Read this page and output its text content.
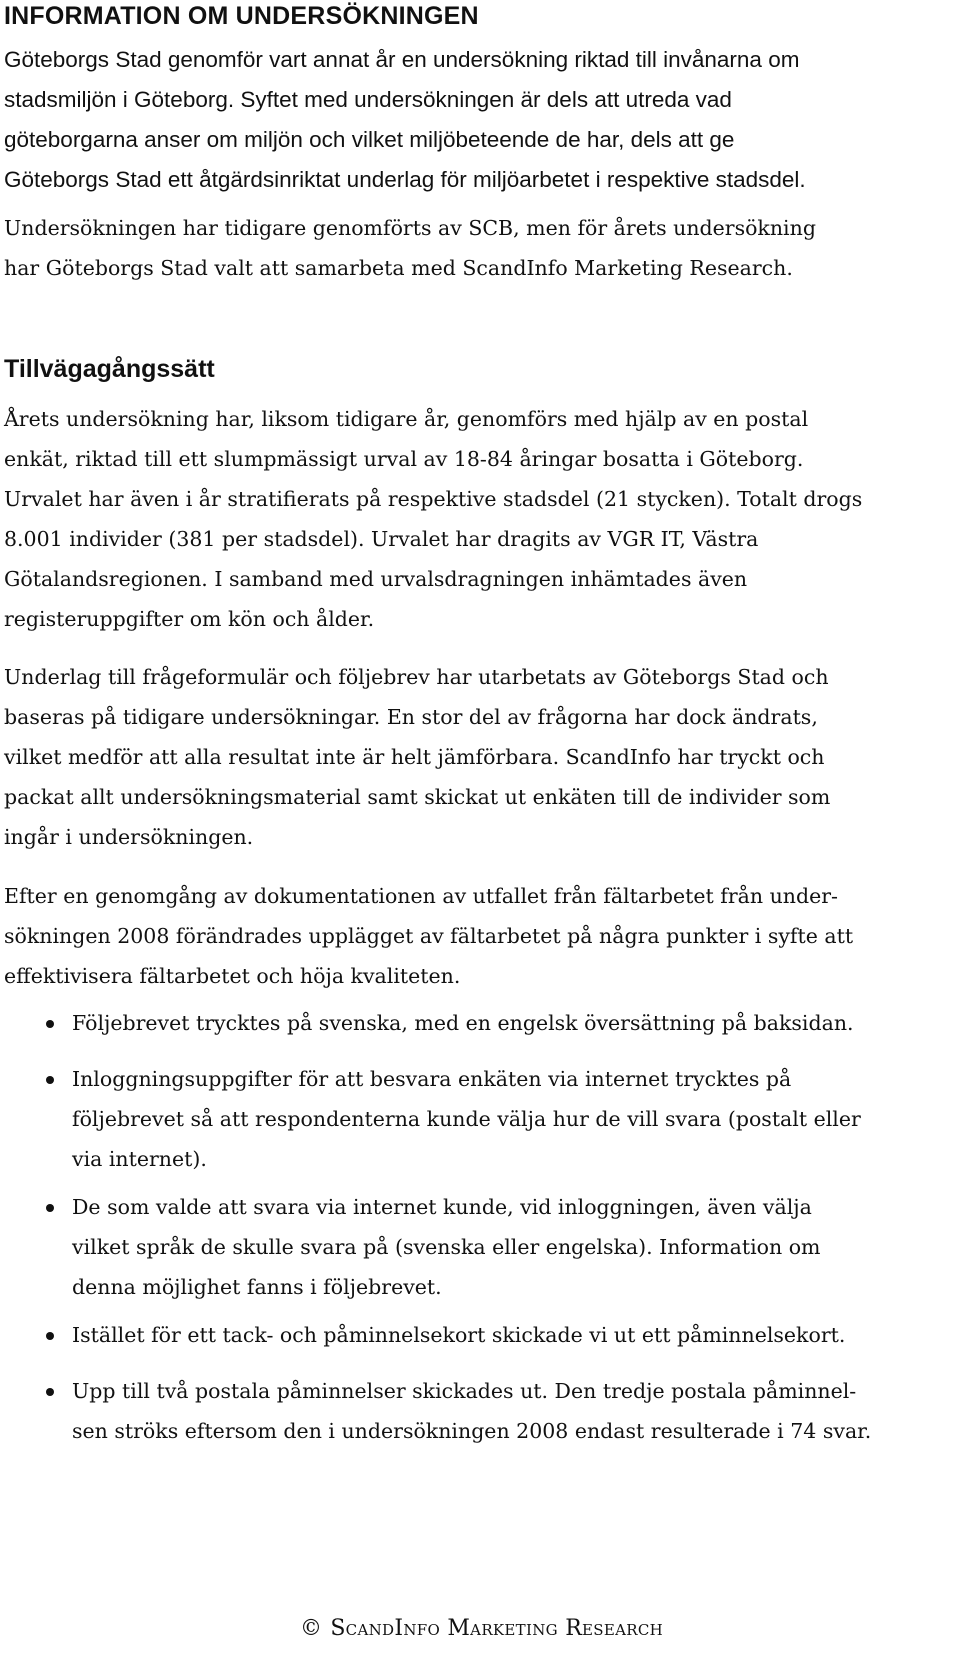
INFORMATION OM UNDERSÖKNINGEN
Göteborgs Stad genomför vart annat år en undersökning riktad till invånarna om
stadsmiljön i Göteborg. Syftet med undersökningen är dels att utreda vad
göteborgarna anser om miljön och vilket miljöbeteende de har, dels att ge
Göteborgs Stad ett åtgärdsinriktat underlag för miljöarbetet i respektive stadsdel.
Undersökningen har tidigare genomförts av SCB, men för årets undersökning
har Göteborgs Stad valt att samarbeta med ScandInfo Marketing Research.
Tillvägagångssätt
Årets undersökning har, liksom tidigare år, genomförs med hjälp av en postal
enkät, riktad till ett slumpmässigt urval av 18-84 åringar bosatta i Göteborg.
Urvalet har även i år stratifierats på respektive stadsdel (21 stycken). Totalt drogs
8.001 individer (381 per stadsdel). Urvalet har dragits av VGR IT, Västra
Götalandsregionen. I samband med urvalsdragningen inhämtades även
registeruppgifter om kön och ålder.
Underlag till frågeformulär och följebrev har utarbetats av Göteborgs Stad och
baseras på tidigare undersökningar. En stor del av frågorna har dock ändrats,
vilket medför att alla resultat inte är helt jämförbara. ScandInfo har tryckt och
packat allt undersökningsmaterial samt skickat ut enkäten till de individer som
ingår i undersökningen.
Efter en genomgång av dokumentationen av utfallet från fältarbetet från under-
sökningen 2008 förändrades upplägget av fältarbetet på några punkter i syfte att
effektivisera fältarbetet och höja kvaliteten.
Följebrevet trycktes på svenska, med en engelsk översättning på baksidan.
Inloggningsuppgifter för att besvara enkäten via internet trycktes på
följebrevet så att respondenterna kunde välja hur de vill svara (postalt eller
via internet).
De som valde att svara via internet kunde, vid inloggningen, även välja
vilket språk de skulle svara på (svenska eller engelska). Information om
denna möjlighet fanns i följebrevet.
Istället för ett tack- och påminnelsekort skickade vi ut ett påminnelsekort.
Upp till två postala påminnelser skickades ut. Den tredje postala påminnel-
sen ströks eftersom den i undersökningen 2008 endast resulterade i 74 svar.
© ScandInfo Marketing Research
